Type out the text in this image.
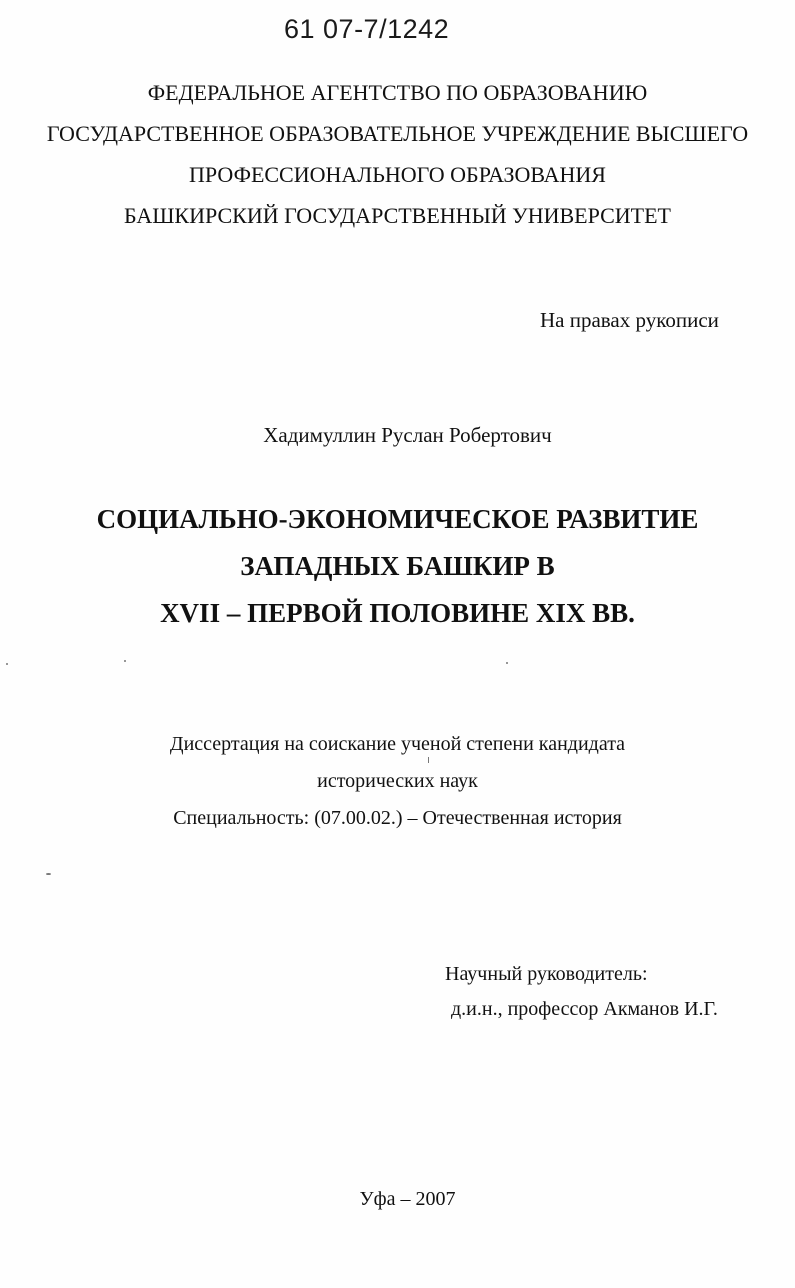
61 07-7/1242
ФЕДЕРАЛЬНОЕ АГЕНТСТВО ПО ОБРАЗОВАНИЮ
ГОСУДАРСТВЕННОЕ ОБРАЗОВАТЕЛЬНОЕ УЧРЕЖДЕНИЕ ВЫСШЕГО
ПРОФЕССИОНАЛЬНОГО ОБРАЗОВАНИЯ
БАШКИРСКИЙ ГОСУДАРСТВЕННЫЙ УНИВЕРСИТЕТ
На правах рукописи
Хадимуллин Руслан Робертович
СОЦИАЛЬНО-ЭКОНОМИЧЕСКОЕ РАЗВИТИЕ
ЗАПАДНЫХ БАШКИР В
XVII – ПЕРВОЙ ПОЛОВИНЕ XIX ВВ.
Диссертация на соискание ученой степени кандидата
исторических наук
Специальность: (07.00.02.) – Отечественная история
Научный руководитель:
д.и.н., профессор Акманов И.Г.
Уфа – 2007
